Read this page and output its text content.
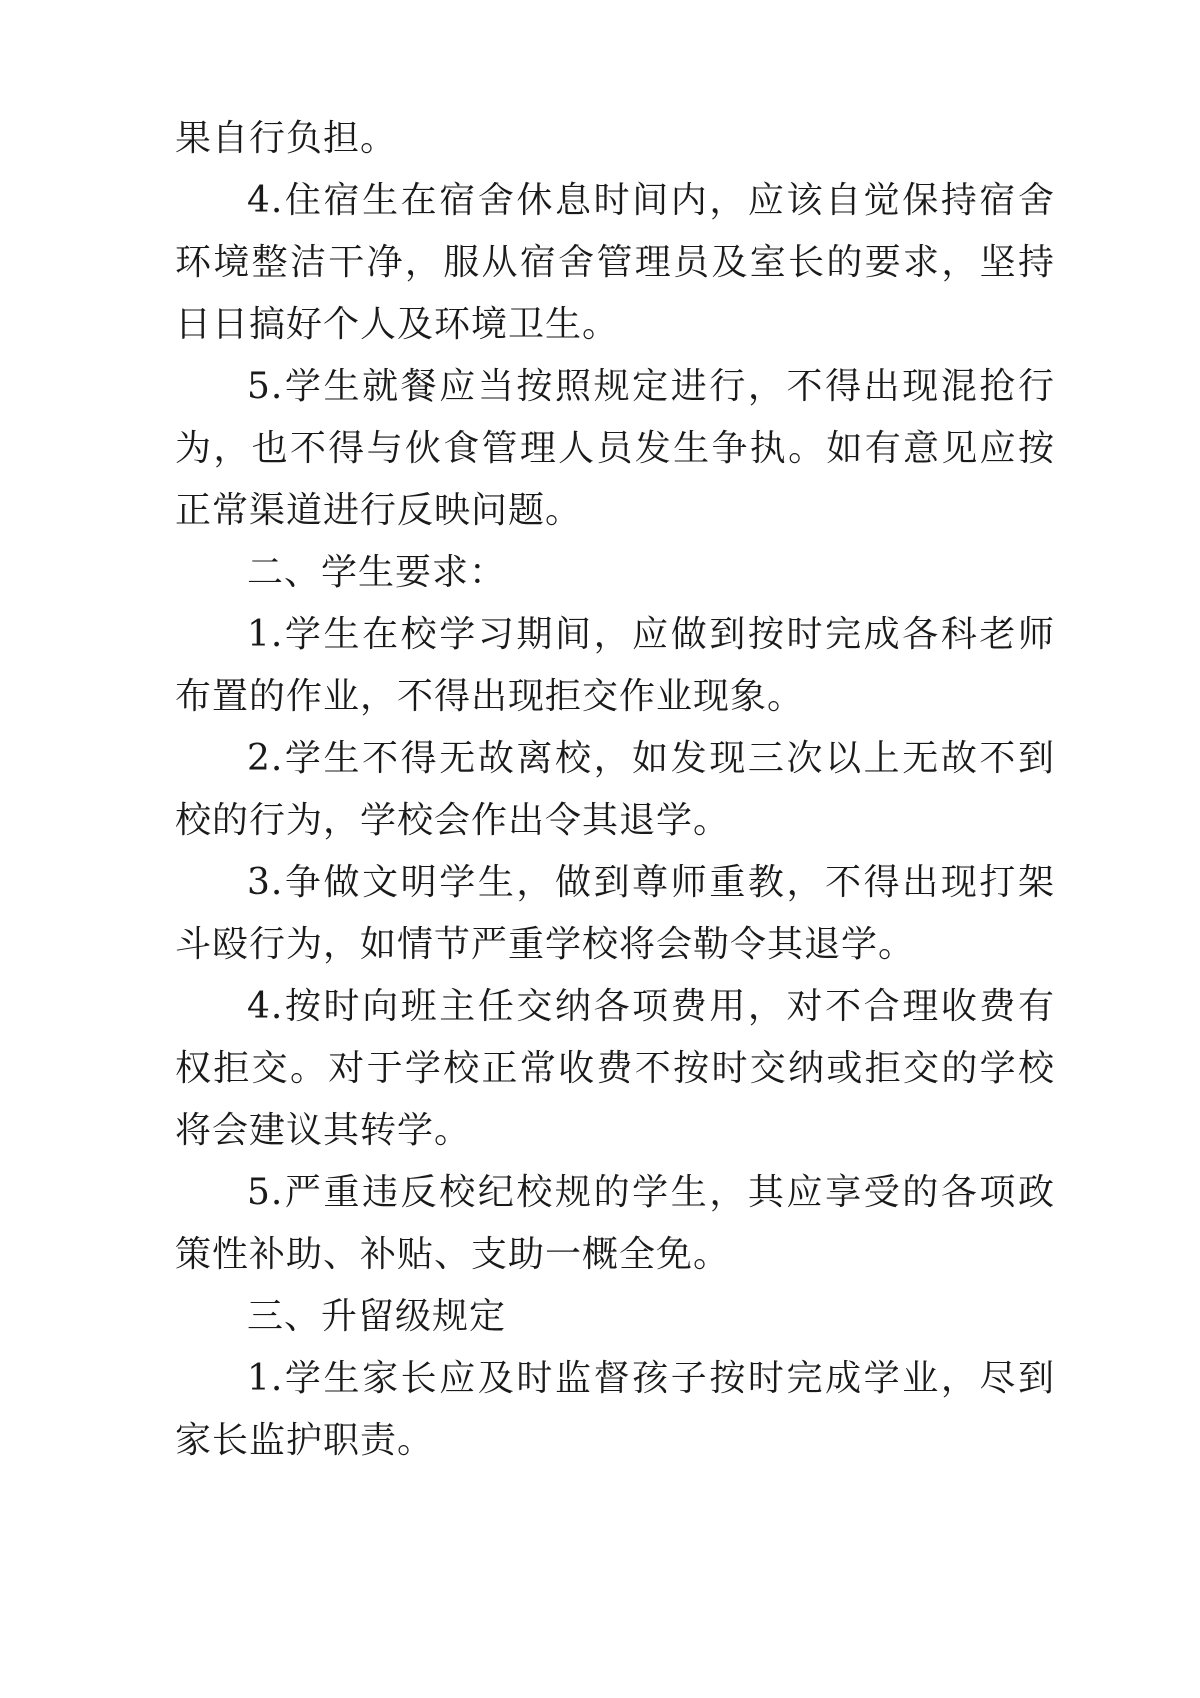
果自行负担。

4.住宿生在宿舍休息时间内，应该自觉保持宿舍环境整洁干净，服从宿舍管理员及室长的要求，坚持日日搞好个人及环境卫生。

5.学生就餐应当按照规定进行，不得出现混抢行为，也不得与伙食管理人员发生争执。如有意见应按正常渠道进行反映问题。

二、学生要求：

1.学生在校学习期间，应做到按时完成各科老师布置的作业，不得出现拒交作业现象。

2.学生不得无故离校，如发现三次以上无故不到校的行为，学校会作出令其退学。

3.争做文明学生，做到尊师重教，不得出现打架斗殴行为，如情节严重学校将会勒令其退学。

4.按时向班主任交纳各项费用，对不合理收费有权拒交。对于学校正常收费不按时交纳或拒交的学校将会建议其转学。

5.严重违反校纪校规的学生，其应享受的各项政策性补助、补贴、支助一概全免。

三、升留级规定

1.学生家长应及时监督孩子按时完成学业，尽到家长监护职责。
